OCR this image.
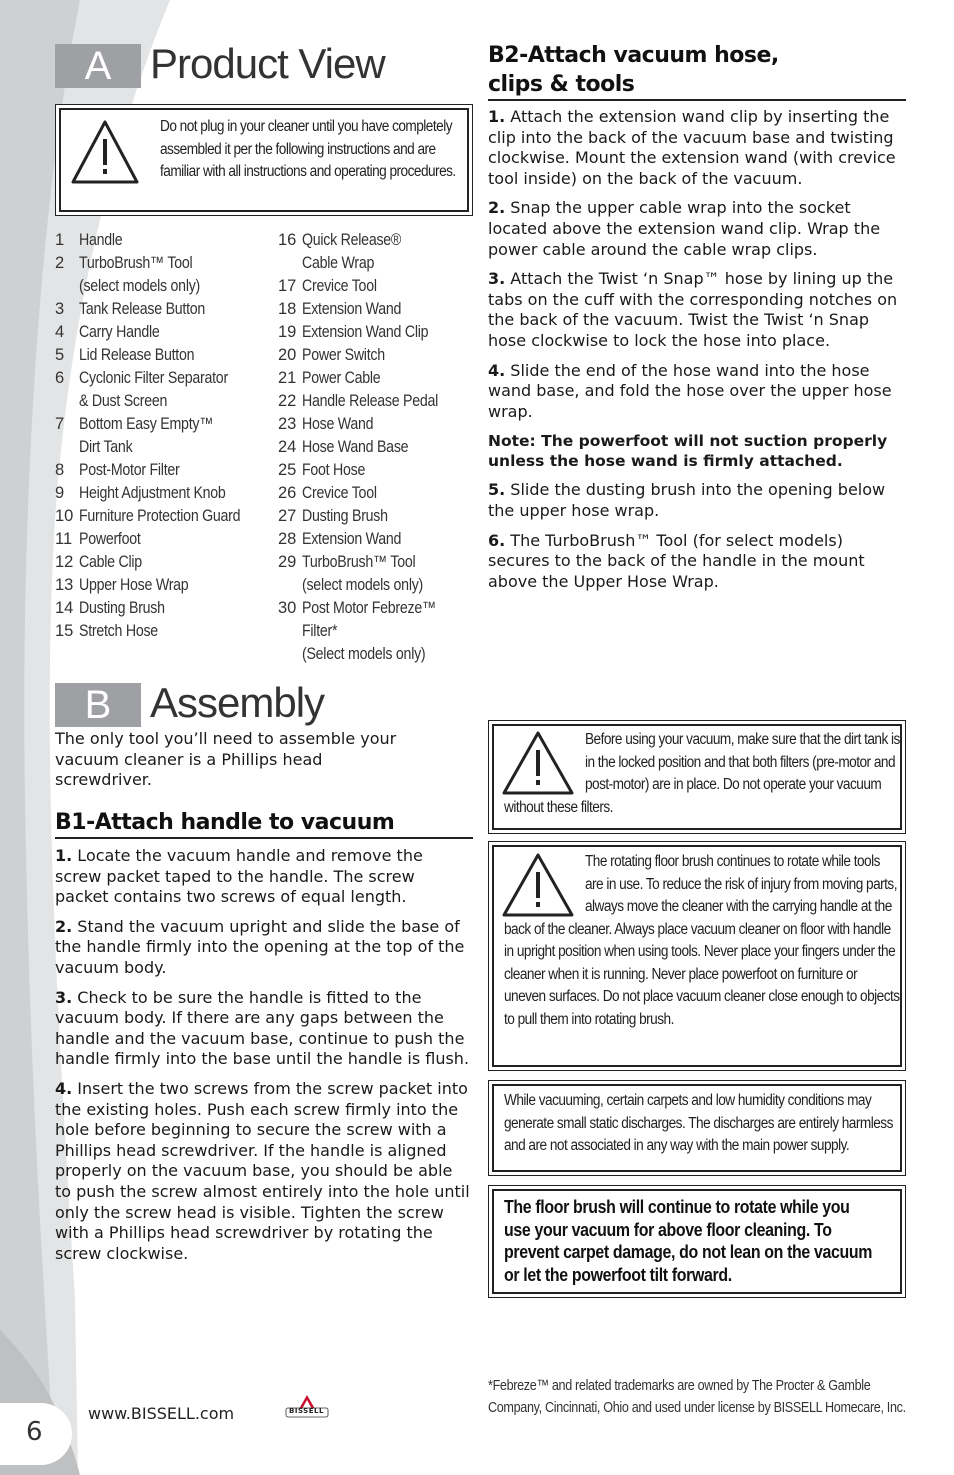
A Product View
Do not plug in your cleaner until you have completely assembled it per the following instructions and are familiar with all instructions and operating procedures.
1 Handle
2 TurboBrush™ Tool
(select models only)
3 Tank Release Button
4 Carry Handle
5 Lid Release Button
6 Cyclonic Filter Separator
& Dust Screen
7 Bottom Easy Empty™
Dirt Tank
8 Post-Motor Filter
9 Height Adjustment Knob
10 Furniture Protection Guard
11 Powerfoot
12 Cable Clip
13 Upper Hose Wrap
14 Dusting Brush
15 Stretch Hose
16 Quick Release®
Cable Wrap
17 Crevice Tool
18 Extension Wand
19 Extension Wand Clip
20 Power Switch
21 Power Cable
22 Handle Release Pedal
23 Hose Wand
24 Hose Wand Base
25 Foot Hose
26 Crevice Tool
27 Dusting Brush
28 Extension Wand
29 TurboBrush™ Tool
(select models only)
30 Post Motor Febreze™ Filter*
(Select models only)
B2-Attach vacuum hose,
clips & tools

1. Attach the extension wand clip by inserting the clip into the back of the vacuum base and twisting clockwise. Mount the extension wand (with crevice tool inside) on the back of the vacuum.

2. Snap the upper cable wrap into the socket located above the extension wand clip. Wrap the power cable around the cable wrap clips.

3. Attach the Twist ‘n Snap™ hose by lining up the tabs on the cuff with the corresponding notches on the back of the vacuum. Twist the Twist ‘n Snap hose clockwise to lock the hose into place.

4. Slide the end of the hose wand into the hose wand base, and fold the hose over the upper hose wrap.

Note: The powerfoot will not suction properly unless the hose wand is firmly attached.

5. Slide the dusting brush into the opening below the upper hose wrap.

6. The TurboBrush™ Tool (for select models) secures to the back of the handle in the mount above the Upper Hose Wrap.

B Assembly
The only tool you’ll need to assemble your vacuum cleaner is a Phillips head screwdriver.
B1-Attach handle to vacuum

1. Locate the vacuum handle and remove the screw packet taped to the handle. The screw packet contains two screws of equal length.

2. Stand the vacuum upright and slide the base of the handle firmly into the opening at the top of the vacuum body.

3. Check to be sure the handle is fitted to the vacuum body. If there are any gaps between the handle and the vacuum base, continue to push the handle firmly into the base until the handle is flush.

4. Insert the two screws from the screw packet into the existing holes. Push each screw firmly into the hole before beginning to secure the screw with a Phillips head screwdriver. If the handle is aligned properly on the vacuum base, you should be able to push the screw almost entirely into the hole until only the screw head is visible. Tighten the screw with a Phillips head screwdriver by rotating the screw clockwise.

Before using your vacuum, make sure that the dirt tank is in the locked position and that both filters (pre-motor and post-motor) are in place. Do not operate your vacuum without these filters.
The rotating floor brush continues to rotate while tools are in use. To reduce the risk of injury from moving parts, always move the cleaner with the carrying handle at the back of the cleaner. Always place vacuum cleaner on floor with handle in upright position when using tools. Never place your fingers under the cleaner when it is running. Never place powerfoot on furniture or uneven surfaces. Do not place vacuum cleaner close enough to objects to pull them into rotating brush.
While vacuuming, certain carpets and low humidity conditions may generate small static discharges. The discharges are entirely harmless and are not associated in any way with the main power supply.
The floor brush will continue to rotate while you use your vacuum for above floor cleaning. To prevent carpet damage, do not lean on the vacuum or let the powerfoot tilt forward.
6
www.BISSELL.com	BISSELL
*Febreze™ and related trademarks are owned by The Procter & Gamble
Company, Cincinnati, Ohio and used under license by BISSELL Homecare, Inc.
